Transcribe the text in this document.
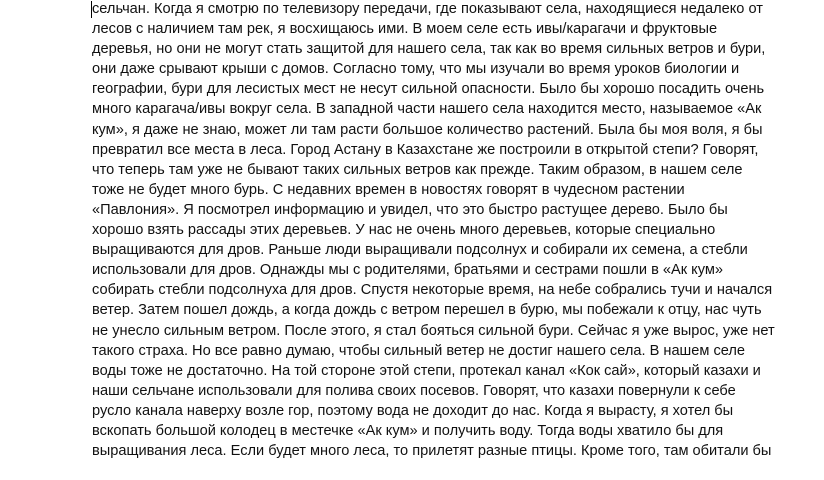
сельчан. Когда я смотрю по телевизору передачи, где показывают села, находящиеся недалеко от
лесов с наличием там рек, я восхищаюсь ими. В моем селе есть ивы/карагачи и фруктовые
деревья, но они не могут стать защитой для нашего села, так как во время сильных ветров и бури,
они даже срывают крыши с домов. Согласно тому, что мы изучали во время уроков биологии и
географии, бури для лесистых мест не несут сильной опасности. Было бы хорошо посадить очень
много карагача/ивы вокруг села. В западной части нашего села находится место, называемое «Ак
кум», я даже не знаю, может ли там расти большое количество растений. Была бы моя воля, я бы
превратил все места в леса. Город Астану в Казахстане же построили в открытой степи? Говорят,
что теперь там уже не бывают таких сильных ветров как прежде. Таким образом, в нашем селе
тоже не будет много бурь. С недавних времен в новостях говорят в чудесном растении
«Павлония». Я посмотрел информацию и увидел, что это быстро растущее дерево. Было бы
хорошо взять рассады этих деревьев. У нас не очень много деревьев, которые специально
выращиваются для дров. Раньше люди выращивали подсолнух и собирали их семена, а стебли
использовали для дров. Однажды мы с родителями, братьями и сестрами пошли в «Ак кум»
собирать стебли подсолнуха для дров. Спустя некоторые время, на небе собрались тучи и начался
ветер. Затем пошел дождь, а когда дождь с ветром перешел в бурю, мы побежали к отцу, нас чуть
не унесло сильным ветром. После этого, я стал бояться сильной бури. Сейчас я уже вырос, уже нет
такого страха. Но все равно думаю, чтобы сильный ветер не достиг нашего села. В нашем селе
воды тоже не достаточно. На той стороне этой степи, протекал канал «Кок сай», который казахи и
наши сельчане использовали для полива своих посевов. Говорят, что казахи повернули к себе
русло канала наверху возле гор, поэтому вода не доходит до нас. Когда я вырасту, я хотел бы
вскопать большой колодец в местечке «Ак кум» и получить воду. Тогда воды хватило бы для
выращивания леса. Если будет много леса, то прилетят разные птицы. Кроме того, там обитали бы
